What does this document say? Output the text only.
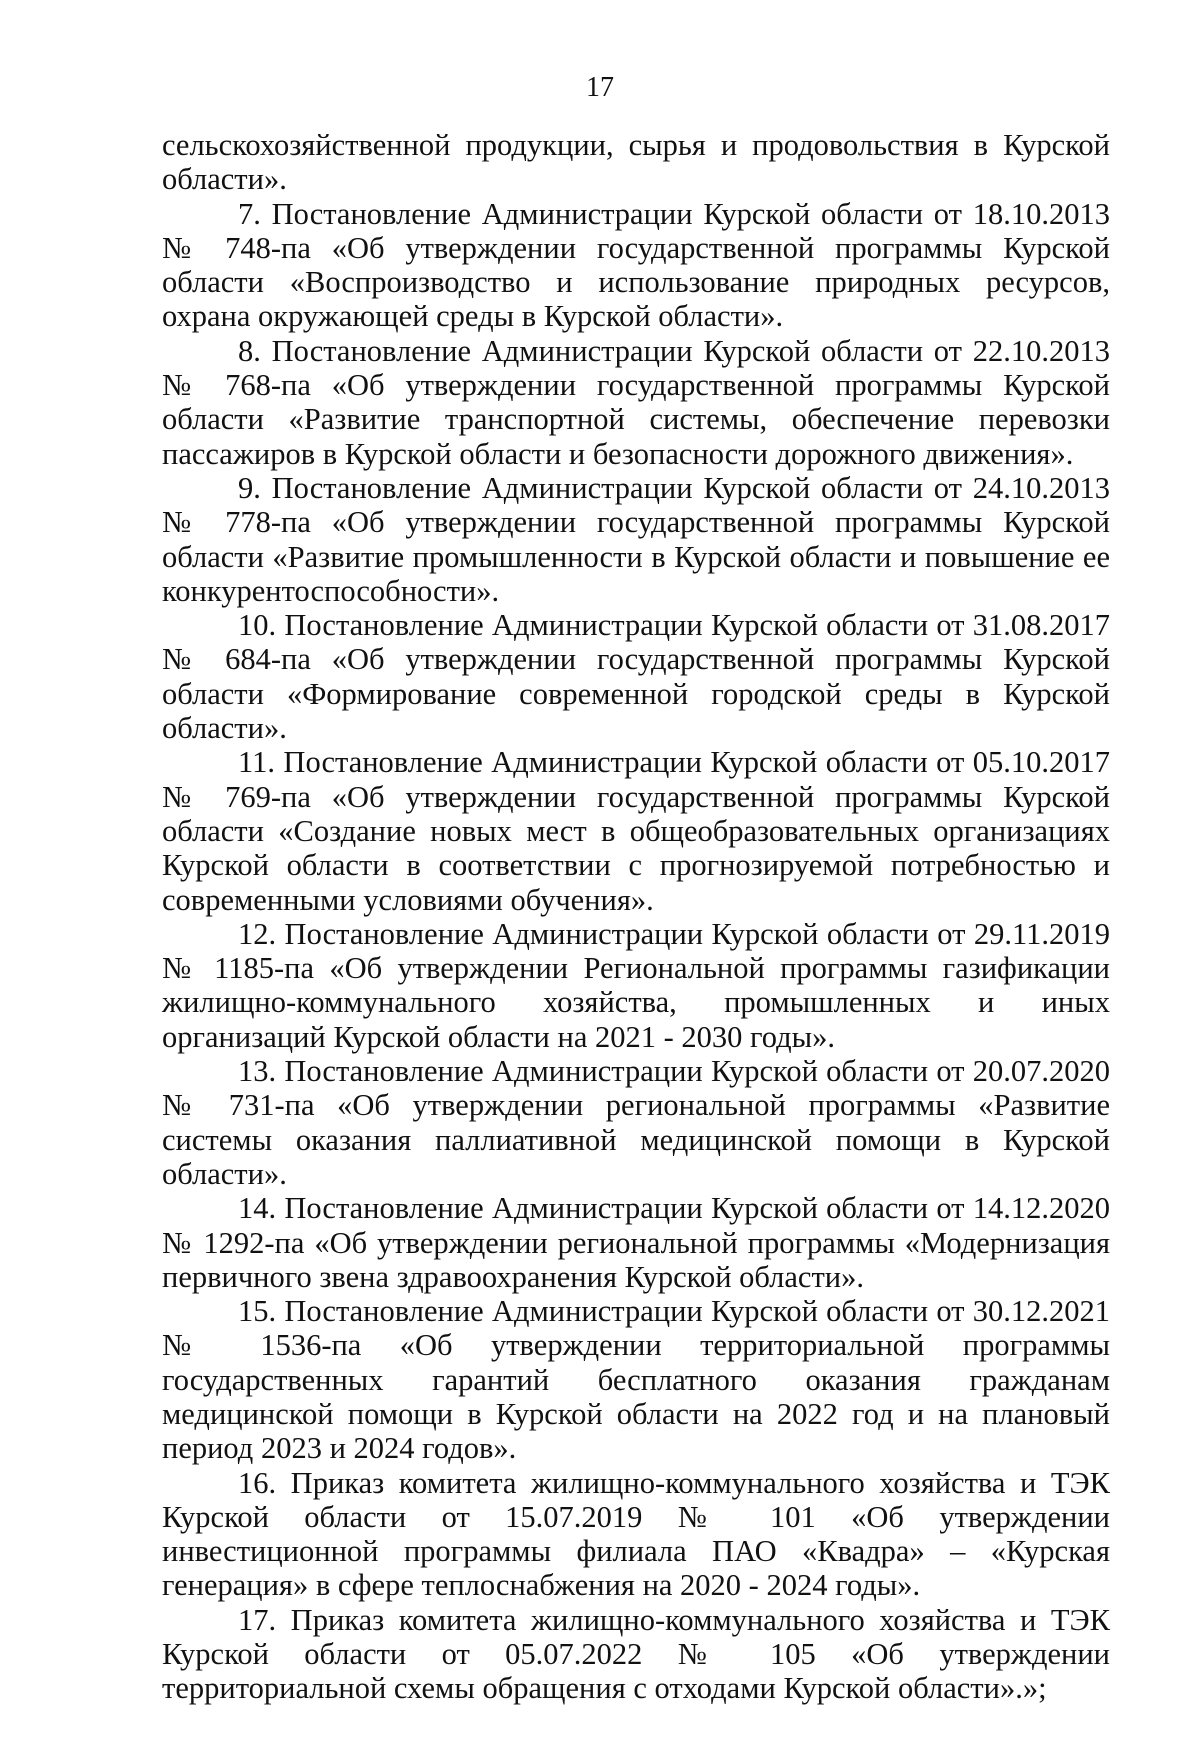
17

сельскохозяйственной продукции, сырья и продовольствия в Курской области».

7. Постановление Администрации Курской области от 18.10.2013 № 748-па «Об утверждении государственной программы Курской области «Воспроизводство и использование природных ресурсов, охрана окружающей среды в Курской области».

8. Постановление Администрации Курской области от 22.10.2013 № 768-па «Об утверждении государственной программы Курской области «Развитие транспортной системы, обеспечение перевозки пассажиров в Курской области и безопасности дорожного движения».

9. Постановление Администрации Курской области от 24.10.2013 № 778-па «Об утверждении государственной программы Курской области «Развитие промышленности в Курской области и повышение ее конкурентоспособности».

10. Постановление Администрации Курской области от 31.08.2017 № 684-па «Об утверждении государственной программы Курской области «Формирование современной городской среды в Курской области».

11. Постановление Администрации Курской области от 05.10.2017 № 769-па «Об утверждении государственной программы Курской области «Создание новых мест в общеобразовательных организациях Курской области в соответствии с прогнозируемой потребностью и современными условиями обучения».

12. Постановление Администрации Курской области от 29.11.2019 № 1185-па «Об утверждении Региональной программы газификации жилищно-коммунального хозяйства, промышленных и иных организаций Курской области на 2021 - 2030 годы».

13. Постановление Администрации Курской области от 20.07.2020 № 731-па «Об утверждении региональной программы «Развитие системы оказания паллиативной медицинской помощи в Курской области».

14. Постановление Администрации Курской области от 14.12.2020 № 1292-па «Об утверждении региональной программы «Модернизация первичного звена здравоохранения Курской области».

15. Постановление Администрации Курской области от 30.12.2021 № 1536-па «Об утверждении территориальной программы государственных гарантий бесплатного оказания гражданам медицинской помощи в Курской области на 2022 год и на плановый период 2023 и 2024 годов».

16. Приказ комитета жилищно-коммунального хозяйства и ТЭК Курской области от 15.07.2019 № 101 «Об утверждении инвестиционной программы филиала ПАО «Квадра» – «Курская генерация» в сфере теплоснабжения на 2020 - 2024 годы».

17. Приказ комитета жилищно-коммунального хозяйства и ТЭК Курской области от 05.07.2022 № 105 «Об утверждении территориальной схемы обращения с отходами Курской области».»;
